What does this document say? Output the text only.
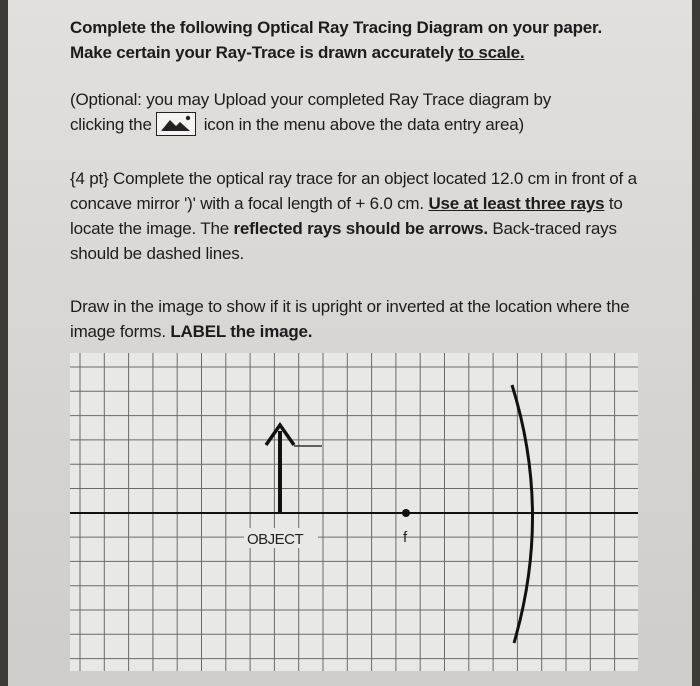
Complete the following Optical Ray Tracing Diagram on your paper.
Make certain your Ray-Trace is drawn accurately to scale.
(Optional: you may Upload your completed Ray Trace diagram by
clicking the	icon in the menu above the data entry area)
{4 pt} Complete the optical ray trace for an object located 12.0 cm in front of a concave mirror ')' with a focal length of + 6.0 cm. Use at least three rays to locate the image. The reflected rays should be arrows. Back-traced rays should be dashed lines.
Draw in the image to show if it is upright or inverted at the location where the image forms. LABEL the image.
f
OBJECT
